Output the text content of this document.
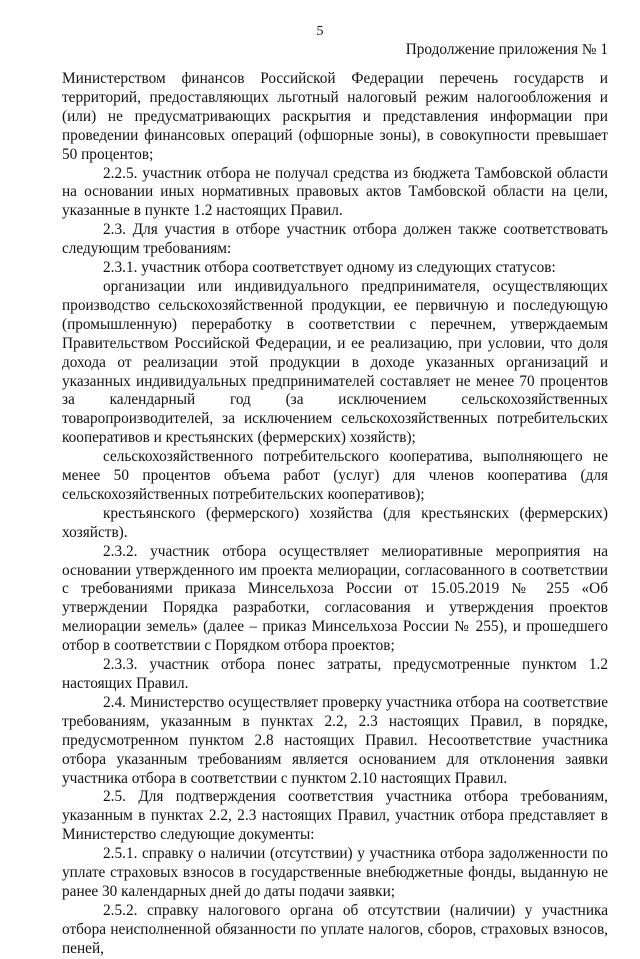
5
Продолжение приложения № 1

Министерством финансов Российской Федерации перечень государств и территорий, предоставляющих льготный налоговый режим налогообложения и (или) не предусматривающих раскрытия и представления информации при проведении финансовых операций (офшорные зоны), в совокупности превышает 50 процентов;

2.2.5. участник отбора не получал средства из бюджета Тамбовской области на основании иных нормативных правовых актов Тамбовской области на цели, указанные в пункте 1.2 настоящих Правил.

2.3. Для участия в отборе участник отбора должен также соответствовать следующим требованиям:

2.3.1. участник отбора соответствует одному из следующих статусов:

организации или индивидуального предпринимателя, осуществляющих производство сельскохозяйственной продукции, ее первичную и последующую (промышленную) переработку в соответствии с перечнем, утверждаемым Правительством Российской Федерации, и ее реализацию, при условии, что доля дохода от реализации этой продукции в доходе указанных организаций и указанных индивидуальных предпринимателей составляет не менее 70 процентов за календарный год (за исключением сельскохозяйственных товаропроизводителей, за исключением сельскохозяйственных потребительских кооперативов и крестьянских (фермерских) хозяйств);

сельскохозяйственного потребительского кооператива, выполняющего не менее 50 процентов объема работ (услуг) для членов кооператива (для сельскохозяйственных потребительских кооперативов);

крестьянского (фермерского) хозяйства (для крестьянских (фермерских) хозяйств).

2.3.2. участник отбора осуществляет мелиоративные мероприятия на основании утвержденного им проекта мелиорации, согласованного в соответствии с требованиями приказа Минсельхоза России от 15.05.2019 № 255 «Об утверждении Порядка разработки, согласования и утверждения проектов мелиорации земель» (далее – приказ Минсельхоза России № 255), и прошедшего отбор в соответствии с Порядком отбора проектов;

2.3.3. участник отбора понес затраты, предусмотренные пунктом 1.2 настоящих Правил.

2.4. Министерство осуществляет проверку участника отбора на соответствие требованиям, указанным в пунктах 2.2, 2.3 настоящих Правил, в порядке, предусмотренном пунктом 2.8 настоящих Правил. Несоответствие участника отбора указанным требованиям является основанием для отклонения заявки участника отбора в соответствии с пунктом 2.10 настоящих Правил.

2.5. Для подтверждения соответствия участника отбора требованиям, указанным в пунктах 2.2, 2.3 настоящих Правил, участник отбора представляет в Министерство следующие документы:

2.5.1. справку о наличии (отсутствии) у участника отбора задолженности по уплате страховых взносов в государственные внебюджетные фонды, выданную не ранее 30 календарных дней до даты подачи заявки;

2.5.2. справку налогового органа об отсутствии (наличии) у участника отбора неисполненной обязанности по уплате налогов, сборов, страховых взносов, пеней,
